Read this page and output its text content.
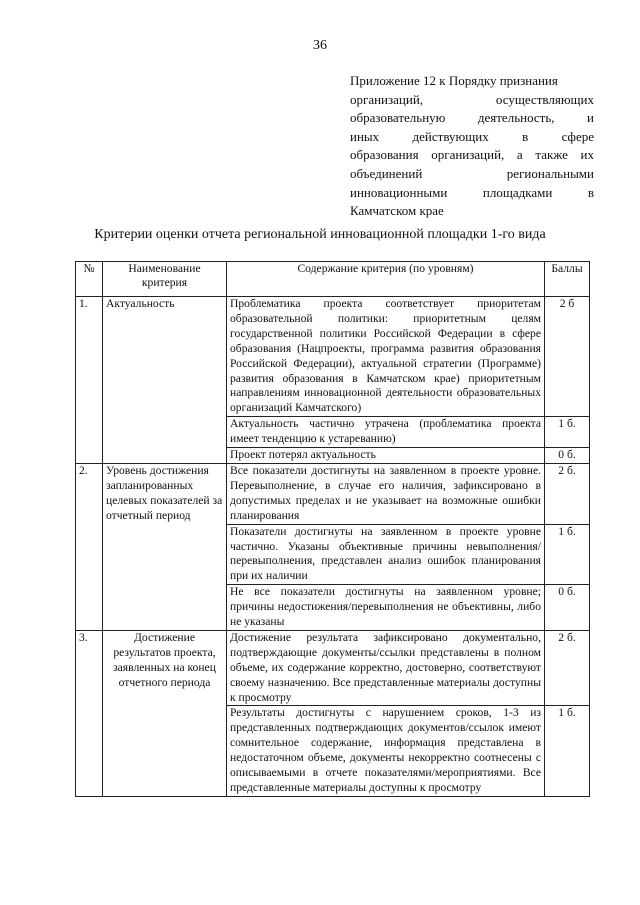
36
Приложение 12 к Порядку признания
организаций, осуществляющих
образовательную деятельность, и
иных действующих в сфере
образования организаций, а также их
объединений региональными
инновационными площадками в
Камчатском крае
Критерии оценки отчета региональной инновационной площадки 1-го вида
№	Наименование критерия	Содержание критерия (по уровням)	Баллы
1.	Актуальность	Проблематика проекта соответствует приоритетам образовательной политики: приоритетным целям государственной политики Российской Федерации в сфере образования (Нацпроекты, программа развития образования Российской Федерации), актуальной стратегии (Программе) развития образования в Камчатском крае) приоритетным направлениям инновационной деятельности образовательных организаций Камчатского)	2 б
		Актуальность частично утрачена (проблематика проекта имеет тенденцию к устареванию)	1 б.
		Проект потерял актуальность	0 б.
2.	Уровень достижения запланированных целевых показателей за отчетный период	Все показатели достигнуты на заявленном в проекте уровне. Перевыполнение, в случае его наличия, зафиксировано в допустимых пределах и не указывает на возможные ошибки планирования	2 б.
		Показатели достигнуты на заявленном в проекте уровне частично. Указаны объективные причины невыполнения/перевыполнения, представлен анализ ошибок планирования при их наличии	1 б.
		Не все показатели достигнуты на заявленном уровне; причины недостижения/перевыполнения не объективны, либо не указаны	0 б.
3.	Достижение результатов проекта, заявленных на конец отчетного периода	Достижение результата зафиксировано документально, подтверждающие документы/ссылки представлены в полном объеме, их содержание корректно, достоверно, соответствуют своему назначению. Все представленные материалы доступны к просмотру	2 б.
		Результаты достигнуты с нарушением сроков, 1-3 из представленных подтверждающих документов/ссылок имеют сомнительное содержание, информация представлена в недостаточном объеме, документы некорректно соотнесены с описываемыми в отчете показателями/мероприятиями. Все представленные материалы доступны к просмотру	1 б.
